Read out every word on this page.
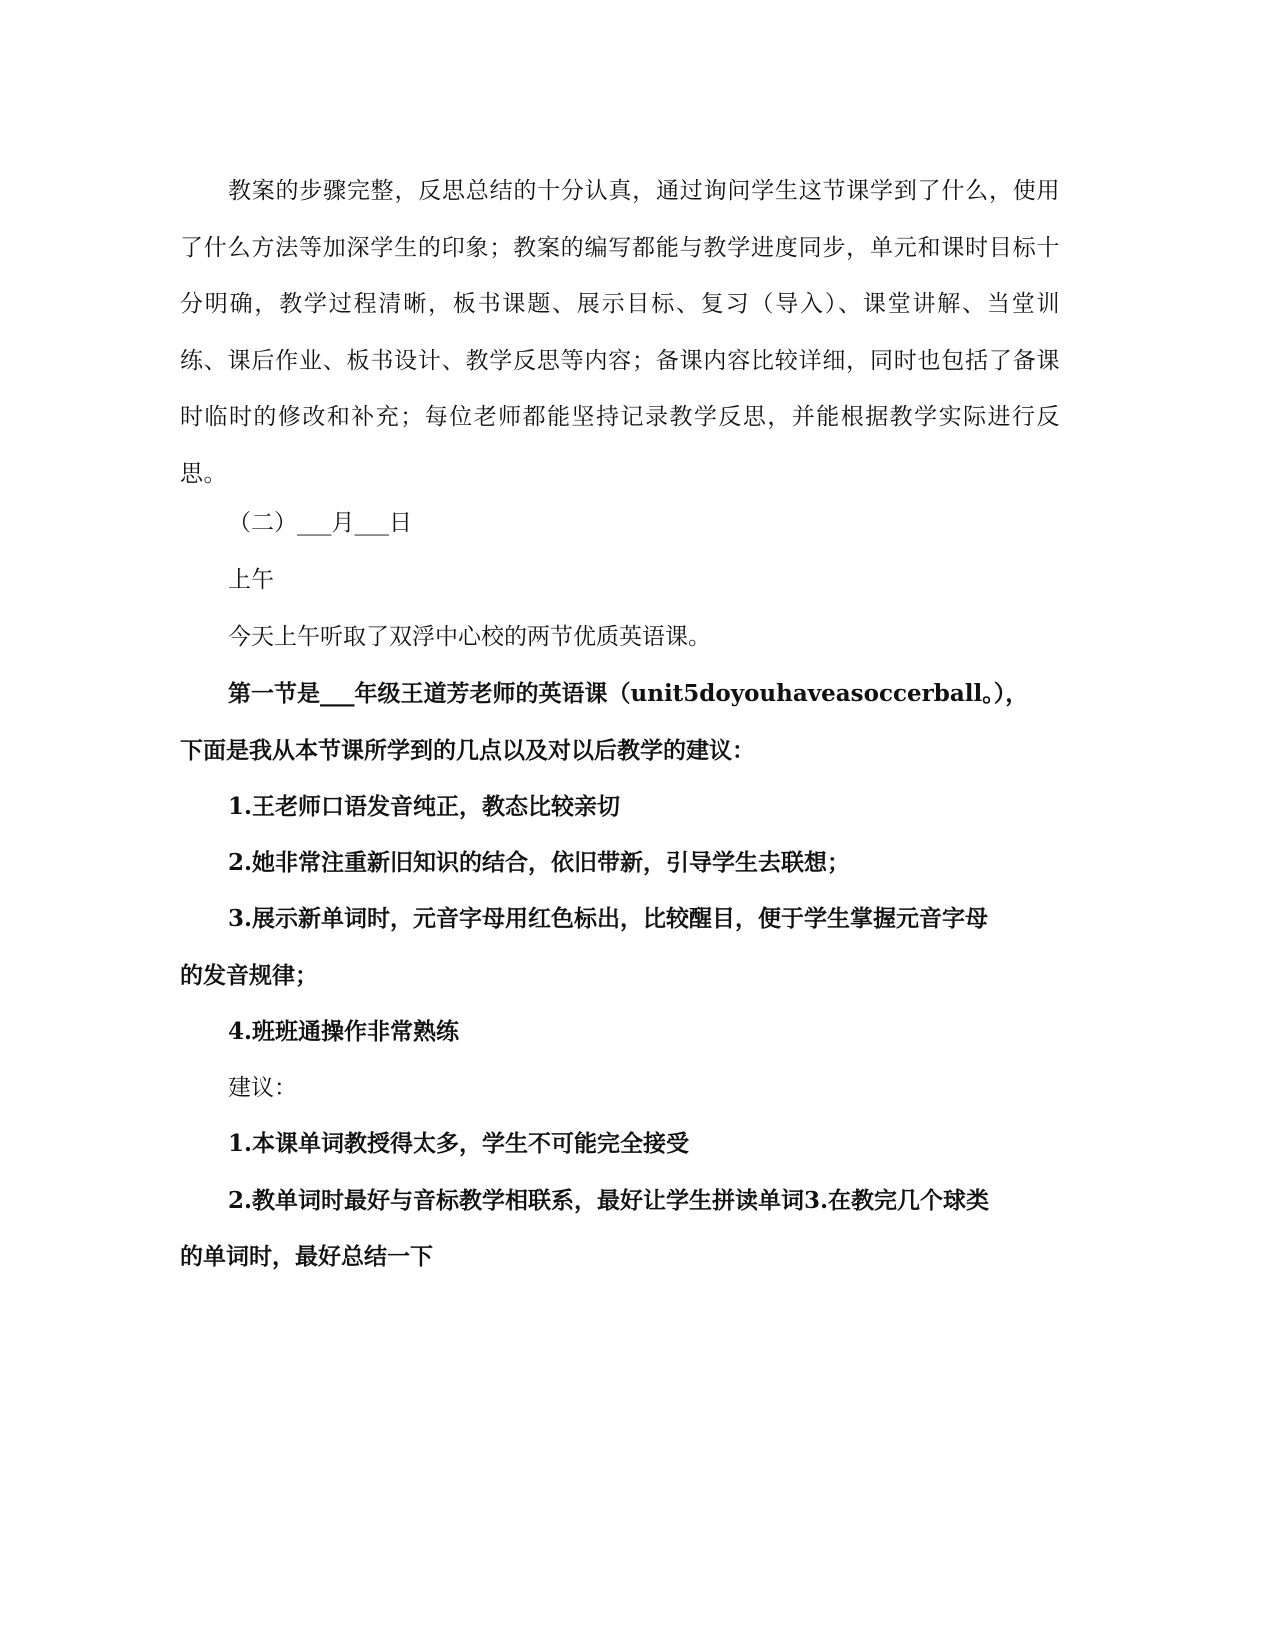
教案的步骤完整，反思总结的十分认真，通过询问学生这节课学到了什么，使用了什么方法等加深学生的印象；教案的编写都能与教学进度同步，单元和课时目标十分明确，教学过程清晰，板书课题、展示目标、复习（导入）、课堂讲解、当堂训练、课后作业、板书设计、教学反思等内容；备课内容比较详细，同时也包括了备课时临时的修改和补充；每位老师都能坚持记录教学反思，并能根据教学实际进行反思。
（二）___月___日
上午
今天上午听取了双浮中心校的两节优质英语课。
第一节是___年级王道芳老师的英语课（unit5doyouhaveasoccerball。），
下面是我从本节课所学到的几点以及对以后教学的建议：
1.王老师口语发音纯正，教态比较亲切
2.她非常注重新旧知识的结合，依旧带新，引导学生去联想；
3.展示新单词时，元音字母用红色标出，比较醒目，便于学生掌握元音字母
的发音规律；
4.班班通操作非常熟练
建议：
1.本课单词教授得太多，学生不可能完全接受
2.教单词时最好与音标教学相联系，最好让学生拼读单词3.在教完几个球类
的单词时，最好总结一下
